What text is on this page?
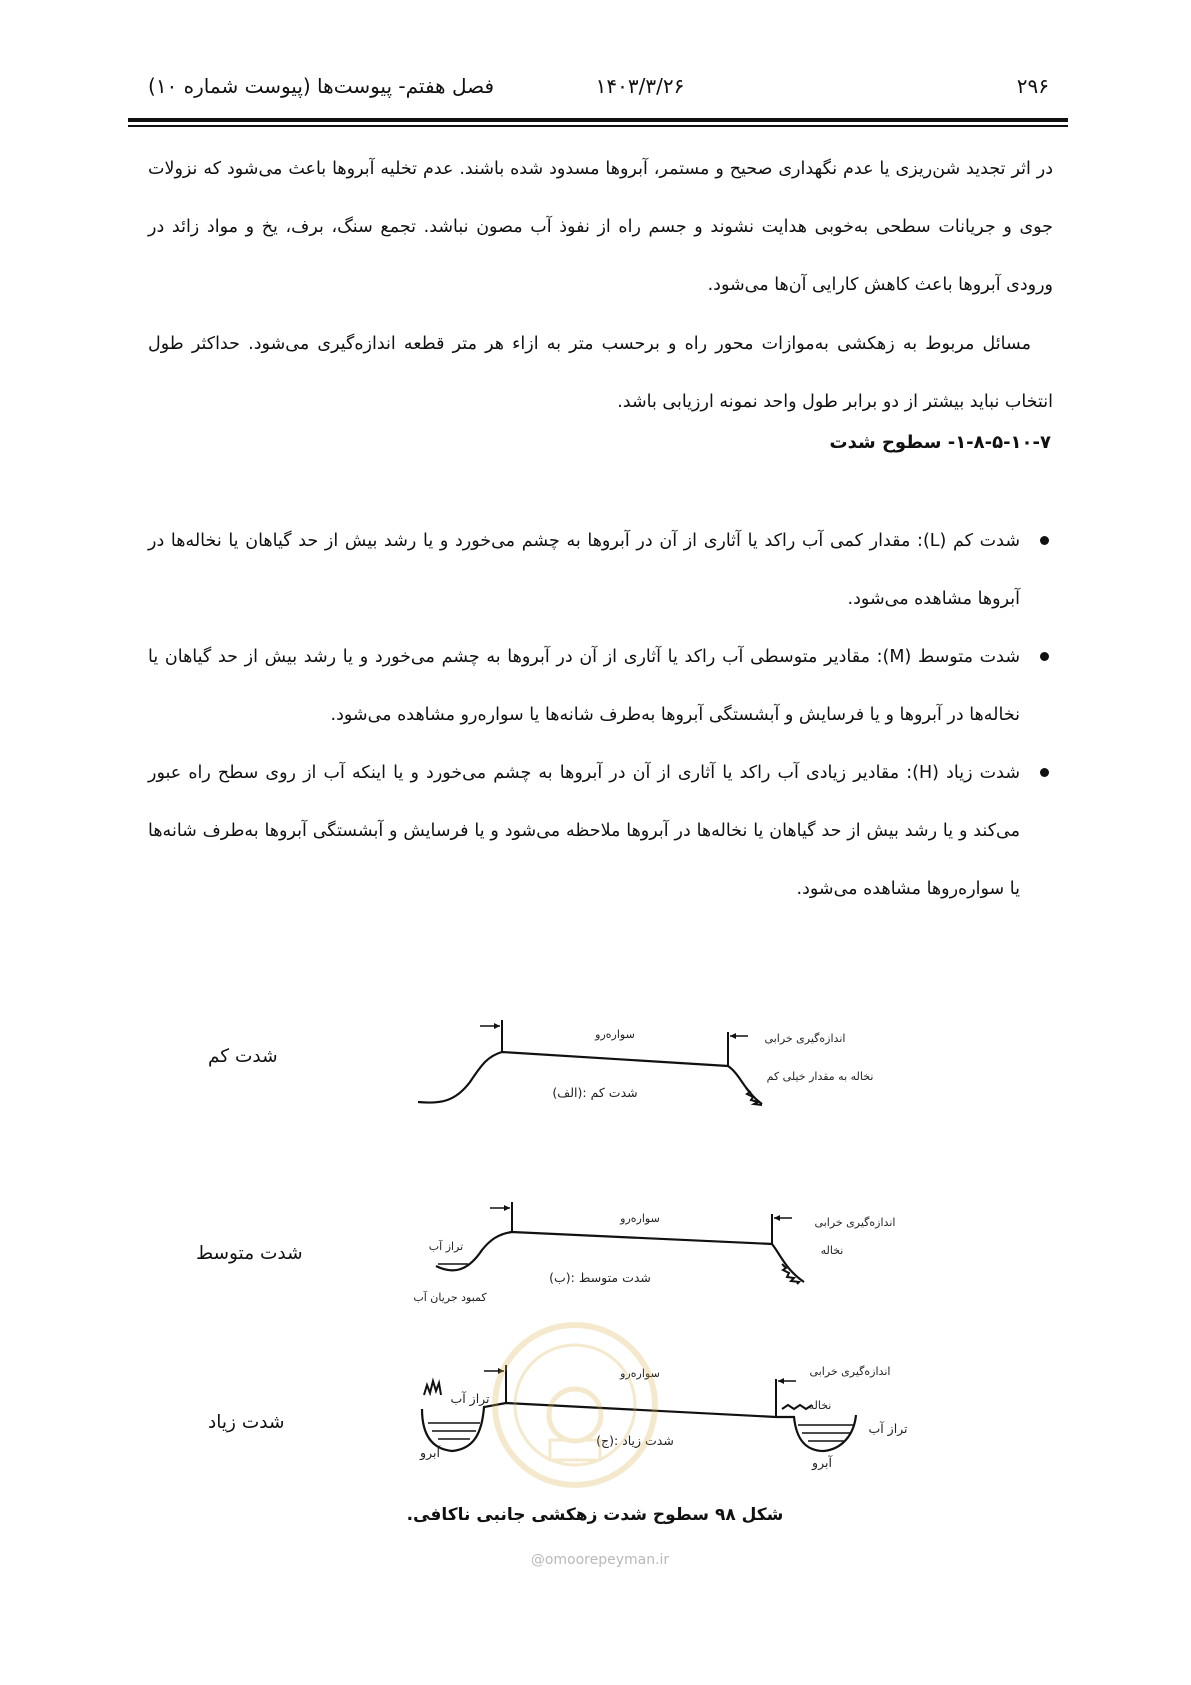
۲۹۶
۱۴۰۳/۳/۲۶
فصل هفتم- پیوست‌ها (پیوست شماره ۱۰)
در اثر تجدید شن‌ریزی یا عدم نگهداری صحیح و مستمر، آبروها مسدود شده باشند. عدم تخلیه آبروها باعث می‌شود که نزولات جوی و جریانات سطحی به‌خوبی هدایت نشوند و جسم راه از نفوذ آب مصون نباشد. تجمع سنگ، برف، یخ و مواد زائد در ورودی آبروها باعث کاهش کارایی آن‌ها می‌شود.
مسائل مربوط به زهکشی به‌موازات محور راه و برحسب متر به ازاء هر متر قطعه اندازه‌گیری می‌شود. حداکثر طول انتخاب نباید بیشتر از دو برابر طول واحد نمونه ارزیابی باشد.
۱-۸-۵-۱۰-۷- سطوح شدت
شدت کم (L): مقدار کمی آب راکد یا آثاری از آن در آبروها به چشم می‌خورد و یا رشد بیش از حد گیاهان یا نخاله‌ها در آبروها مشاهده می‌شود.
شدت متوسط (M): مقادیر متوسطی آب راکد یا آثاری از آن در آبروها به چشم می‌خورد و یا رشد بیش از حد گیاهان یا نخاله‌ها در آبروها و یا فرسایش و آبشستگی آبروها به‌طرف شانه‌ها یا سواره‌رو مشاهده می‌شود.
شدت زیاد (H): مقادیر زیادی آب راکد یا آثاری از آن در آبروها به چشم می‌خورد و یا اینکه آب از روی سطح راه عبور می‌کند و یا رشد بیش از حد گیاهان یا نخاله‌ها در آبروها ملاحظه می‌شود و یا فرسایش و آبشستگی آبروها به‌طرف شانه‌ها یا سواره‌روها مشاهده می‌شود.
شدت کم
شدت متوسط
شدت زیاد
سواره‌رو	اندازه‌گیری خرابی
نخاله به مقدار خیلی کم
(الف): شدت کم
سواره‌رو	اندازه‌گیری خرابی
نخاله
تراز آب
کمبود جریان آب
(ب): شدت متوسط
سواره‌رو	اندازه‌گیری خرابی
تراز آب
تراز آب
نخاله
آبرو
آبرو
(ج): شدت زیاد
شکل ۹۸ سطوح شدت زهکشی جانبی ناکافی.
@omoorepeyman.ir
